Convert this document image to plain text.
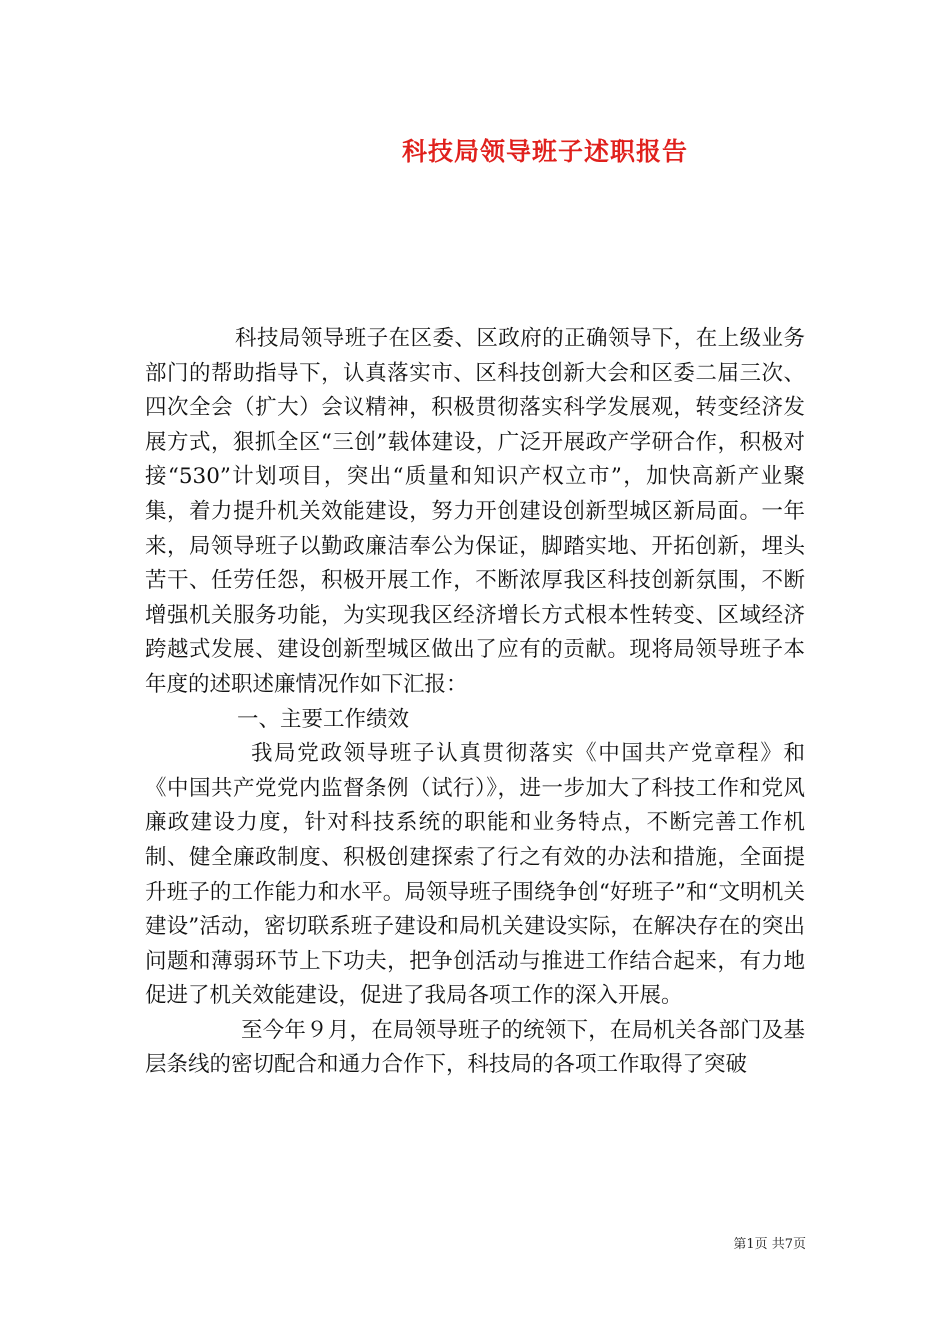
科技局领导班子述职报告

科技局领导班子在区委、区政府的正确领导下，在上级业务部门的帮助指导下，认真落实市、区科技创新大会和区委二届三次、四次全会（扩大）会议精神，积极贯彻落实科学发展观，转变经济发展方式，狠抓全区“三创”载体建设，广泛开展政产学研合作，积极对接“530”计划项目，突出“质量和知识产权立市”，加快高新产业聚集，着力提升机关效能建设，努力开创建设创新型城区新局面。一年来，局领导班子以勤政廉洁奉公为保证，脚踏实地、开拓创新，埋头苦干、任劳任怨，积极开展工作，不断浓厚我区科技创新氛围，不断增强机关服务功能，为实现我区经济增长方式根本性转变、区域经济跨越式发展、建设创新型城区做出了应有的贡献。现将局领导班子本年度的述职述廉情况作如下汇报：

一、主要工作绩效

我局党政领导班子认真贯彻落实《中国共产党章程》和《中国共产党党内监督条例（试行）》，进一步加大了科技工作和党风廉政建设力度，针对科技系统的职能和业务特点，不断完善工作机制、健全廉政制度、积极创建探索了行之有效的办法和措施，全面提升班子的工作能力和水平。局领导班子围绕争创“好班子”和“文明机关建设”活动，密切联系班子建设和局机关建设实际，在解决存在的突出问题和薄弱环节上下功夫，把争创活动与推进工作结合起来，有力地促进了机关效能建设，促进了我局各项工作的深入开展。

至今年９月，在局领导班子的统领下，在局机关各部门及基层条线的密切配合和通力合作下，科技局的各项工作取得了突破

第1页 共7页
